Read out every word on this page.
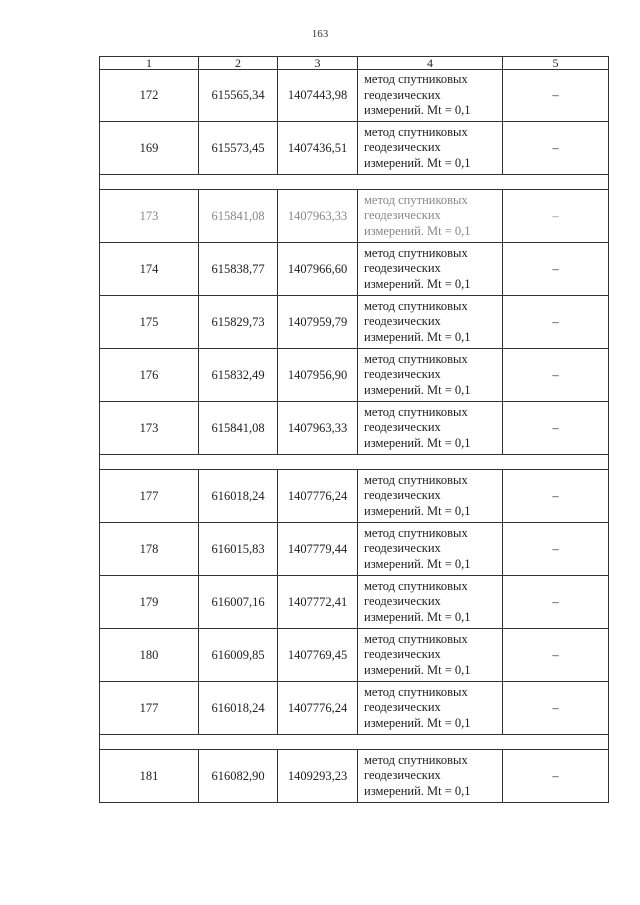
163
1	2	3	4	5
172	615565,34	1407443,98	метод спутниковых
геодезических
измерений. Mt = 0,1	–
169	615573,45	1407436,51	метод спутниковых
геодезических
измерений. Mt = 0,1	–

173	615841,08	1407963,33	метод спутниковых
геодезических
измерений. Mt = 0,1	–
174	615838,77	1407966,60	метод спутниковых
геодезических
измерений. Mt = 0,1	–
175	615829,73	1407959,79	метод спутниковых
геодезических
измерений. Mt = 0,1	–
176	615832,49	1407956,90	метод спутниковых
геодезических
измерений. Mt = 0,1	–
173	615841,08	1407963,33	метод спутниковых
геодезических
измерений. Mt = 0,1	–

177	616018,24	1407776,24	метод спутниковых
геодезических
измерений. Mt = 0,1	–
178	616015,83	1407779,44	метод спутниковых
геодезических
измерений. Mt = 0,1	–
179	616007,16	1407772,41	метод спутниковых
геодезических
измерений. Mt = 0,1	–
180	616009,85	1407769,45	метод спутниковых
геодезических
измерений. Mt = 0,1	–
177	616018,24	1407776,24	метод спутниковых
геодезических
измерений. Mt = 0,1	–

181	616082,90	1409293,23	метод спутниковых
геодезических
измерений. Mt = 0,1	–
